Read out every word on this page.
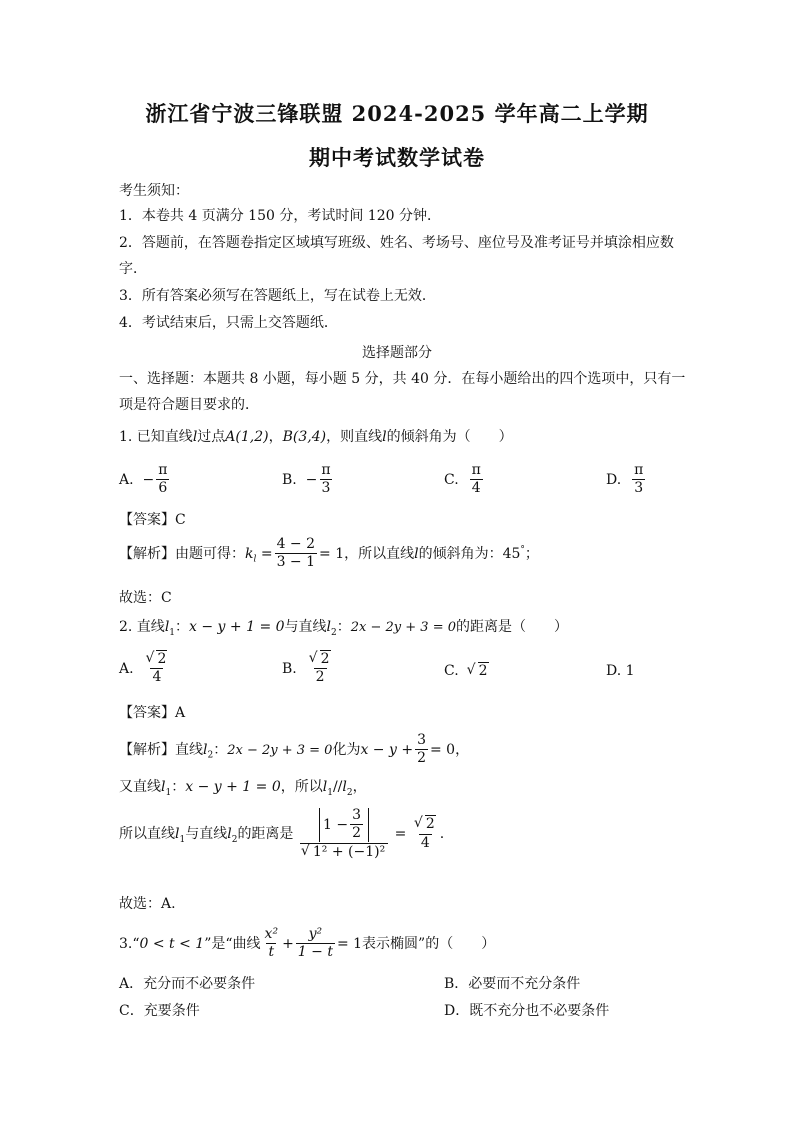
浙江省宁波三锋联盟 2024-2025 学年高二上学期
期中考试数学试卷
考生须知：
1．本卷共 4 页满分 150 分，考试时间 120 分钟．
2．答题前，在答题卷指定区域填写班级、姓名、考场号、座位号及准考证号并填涂相应数
字．
3．所有答案必须写在答题纸上，写在试卷上无效．
4．考试结束后，只需上交答题纸．
选择题部分
一、选择题：本题共 8 小题，每小题 5 分，共 40 分．在每小题给出的四个选项中，只有一
项是符合题目要求的．
1. 已知直线l过点A(1,2)，B(3,4)，则直线l的倾斜角为（　　）
A. − $\frac{\pi}{6}$	B. − $\frac{\pi}{3}$	C. $\frac{\pi}{4}$	D. $\frac{\pi}{3}$
【答案】C
【解析】由题可得：$k_l = \frac{4 - 2}{3 - 1} = 1$，所以直线l的倾斜角为：45°；
故选：C
2. 直线$l_1$：x − y + 1 = 0与直线$l_2$：2x − 2y + 3 = 0的距离是（　　）
A. √ $\frac{2}{4}$	B. √ $\frac{2}{2}$	C. √ 2	D. 1
【答案】A
【解析】直线$l_2$：2x − 2y + 3 = 0化为$x - y + \frac{3}{2} = 0$，
又直线$l_1$：x − y + 1 = 0，所以$l_1//l_2$，
所以直线$l_1$与直线$l_2$的距离是 $1 - \frac{3}{2}$
√ 1² + (−1)² = √ $\frac{2}{4}$ .
故选：A.
3.“0 < t < 1”是“曲线 $\frac{\text{x²}}{t} + \frac{\text{y²}}{1 - t} = 1$表示椭圆”的（　　）
A．充分而不必要条件	B．必要而不充分条件
C．充要条件	D．既不充分也不必要条件
